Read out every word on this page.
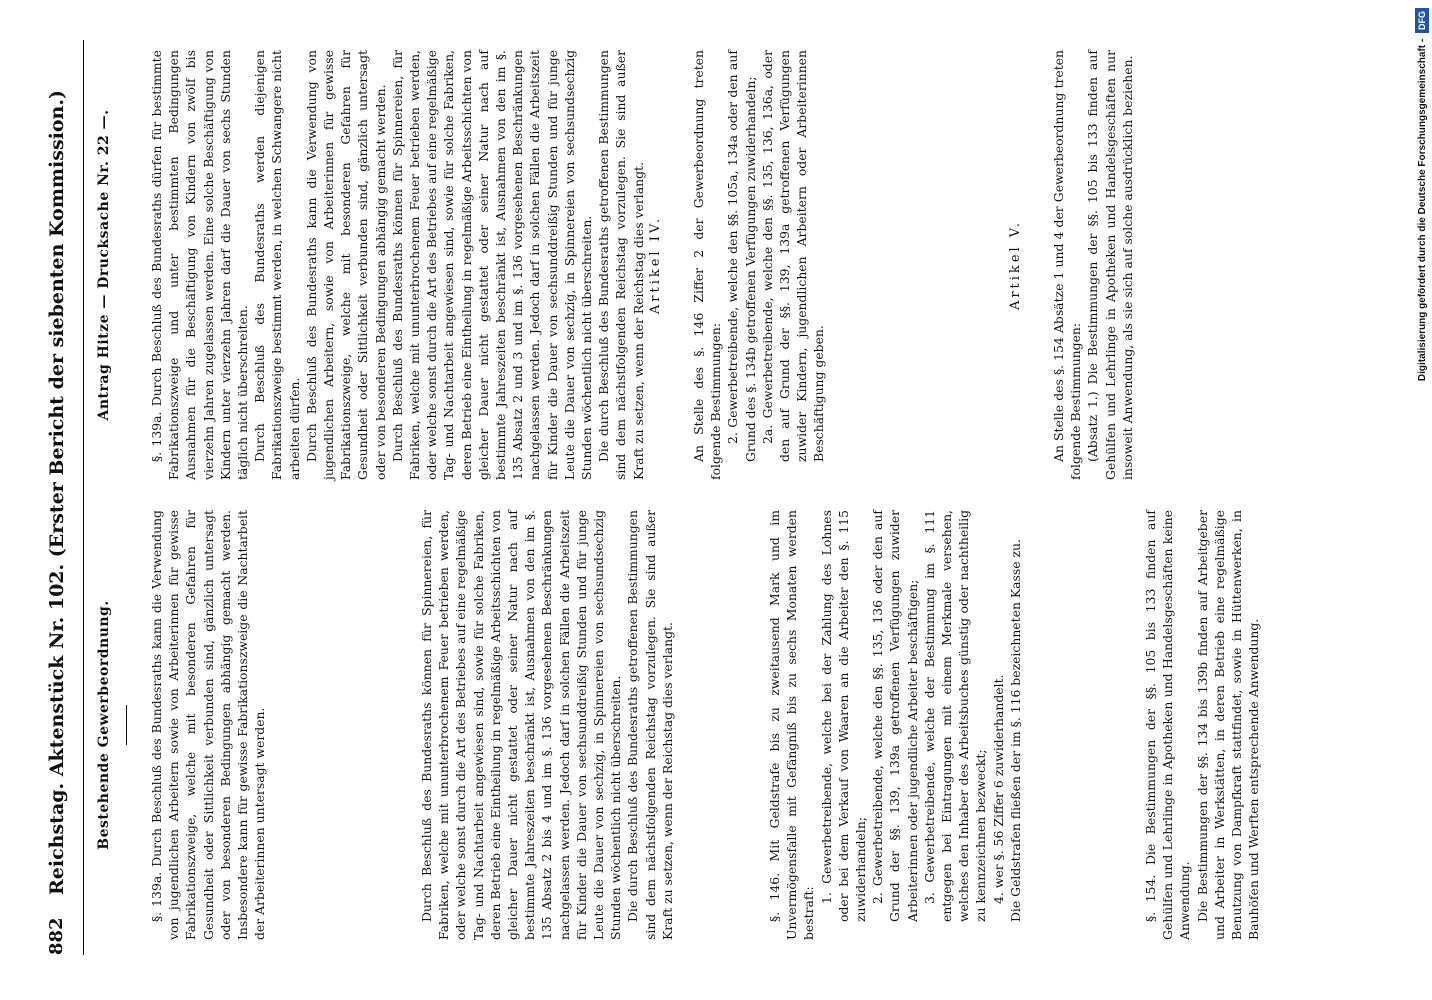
882
Reichstag. Aktenstück Nr. 102. (Erster Bericht der siebenten Kommission.) Bestehende Gewerbeordnung.	§. 139a. Durch Beschluß des Bundesraths kann die Verwendung von jugendlichen Arbeitern sowie von Arbeiterinnen für gewisse Fabrikationszweige, welche mit besonderen Gefahren für Gesundheit oder Sittlichkeit verbunden sind, gänzlich untersagt oder von besonderen Bedingungen abhängig gemacht werden. Insbesondere kann für gewisse Fabrikationszweige die Nachtarbeit der Arbeiterinnen untersagt werden.	Durch Beschluß des Bundesraths können für Spinnereien, für Fabriken, welche mit ununterbrochenem Feuer betrieben werden, oder welche sonst durch die Art des Betriebes auf eine regelmäßige Tag- und Nachtarbeit angewiesen sind, sowie für solche Fabriken, deren Betrieb eine Eintheilung in regelmäßige Arbeitsschichten von gleicher Dauer nicht gestattet oder seiner Natur nach auf bestimmte Jahreszeiten beschränkt ist, Ausnahmen von den im §. 135 Absatz 2 bis 4 und im §. 136 vorgesehenen Beschränkungen nachgelassen werden. Jedoch darf in solchen Fällen die Arbeitszeit für Kinder die Dauer von sechsunddreißig Stunden und für junge Leute die Dauer von sechzig, in Spinnereien von sechsundsechzig Stunden wöchentlich nicht überschreiten. Die durch Beschluß des Bundesraths getroffenen Bestimmungen sind dem nächstfolgenden Reichstag vorzulegen. Sie sind außer Kraft zu setzen, wenn der Reichstag dies verlangt.	§. 146. Mit Geldstrafe bis zu zweitausend Mark und im Unvermögensfalle mit Gefängniß bis zu sechs Monaten werden bestraft:

1. Gewerbetreibende, welche bei der Zahlung des Lohnes oder bei dem Verkauf von Waaren an die Arbeiter den §. 115 zuwiderhandeln; 2. Gewerbetreibende, welche den §§. 135, 136 oder den auf Grund der §§. 139, 139a getroffenen Verfügungen zuwider Arbeiterinnen oder jugendliche Arbeiter beschäftigen; 3. Gewerbetreibende, welche der Bestimmung im §. 111 entgegen bei Eintragungen mit einem Merkmale versehen, welches den Inhaber des Arbeitsbuches günstig oder nachtheilig zu kennzeichnen bezweckt; 4. wer §. 56 Ziffer 6 zuwiderhandelt. Die Geldstrafen fließen der im §. 116 bezeichneten Kasse zu.	§. 154. Die Bestimmungen der §§. 105 bis 133 finden auf Gehülfen und Lehrlinge in Apotheken und Handelsgeschäften keine Anwendung. Die Bestimmungen der §§. 134 bis 139b finden auf Arbeitgeber und Arbeiter in Werkstätten, in deren Betrieb eine regelmäßige Benutzung von Dampfkraft stattfindet, sowie in Hüttenwerken, in Bauhöfen und Werften entsprechende Anwendung.

Antrag Hitze — Drucksache Nr. 22 —.	§. 139a. Durch Beschluß des Bundesraths dürfen für bestimmte Fabrikationszweige und unter bestimmten Bedingungen Ausnahmen für die Beschäftigung von Kindern von zwölf bis vierzehn Jahren zugelassen werden. Eine solche Beschäftigung von Kindern unter vierzehn Jahren darf die Dauer von sechs Stunden täglich nicht überschreiten. Durch Beschluß des Bundesraths werden diejenigen Fabrikationszweige bestimmt werden, in welchen Schwangere nicht arbeiten dürfen. Durch Beschluß des Bundesraths kann die Verwendung von jugendlichen Arbeitern, sowie von Arbeiterinnen für gewisse Fabrikationszweige, welche mit besonderen Gefahren für Gesundheit oder Sittlichkeit verbunden sind, gänzlich untersagt oder von besonderen Bedingungen abhängig gemacht werden. Durch Beschluß des Bundesraths können für Spinnereien, für Fabriken, welche mit ununterbrochenem Feuer betrieben werden, oder welche sonst durch die Art des Betriebes auf eine regelmäßige Tag- und Nachtarbeit angewiesen sind, sowie für solche Fabriken, deren Betrieb eine Eintheilung in regelmäßige Arbeitsschichten von gleicher Dauer nicht gestattet oder seiner Natur nach auf bestimmte Jahreszeiten beschränkt ist, Ausnahmen von den im §. 135 Absatz 2 und 3 und im §. 136 vorgesehenen Beschränkungen nachgelassen werden. Jedoch darf in solchen Fällen die Arbeitszeit für Kinder die Dauer von sechsunddreißig Stunden und für junge Leute die Dauer von sechzig, in Spinnereien von sechsundsechzig Stunden wöchentlich nicht überschreiten. Die durch Beschluß des Bundesraths getroffenen Bestimmungen sind dem nächstfolgenden Reichstag vorzulegen. Sie sind außer Kraft zu setzen, wenn der Reichstag dies verlangt. Artikel IV. An Stelle des §. 146 Ziffer 2 der Gewerbeordnung treten folgende Bestimmungen: 2. Gewerbetreibende, welche den §§. 105a, 134a oder den auf Grund des §. 134b getroffenen Verfügungen zuwiderhandeln; 2a. Gewerbetreibende, welche den §§. 135, 136, 136a, oder den auf Grund der §§. 139, 139a getroffenen Verfügungen zuwider Kindern, jugendlichen Arbeitern oder Arbeiterinnen Beschäftigung geben.

Artikel V. An Stelle des §. 154 Absätze 1 und 4 der Gewerbeordnung treten folgende Bestimmungen: (Absatz 1.) Die Bestimmungen der §§. 105 bis 133 finden auf Gehülfen und Lehrlinge in Apotheken und Handelsgeschäften nur insoweit Anwendung, als sie sich auf solche ausdrücklich beziehen.	Digitalisierung gefördert durch die Deutsche Forschungsgemeinschaft - DFG
